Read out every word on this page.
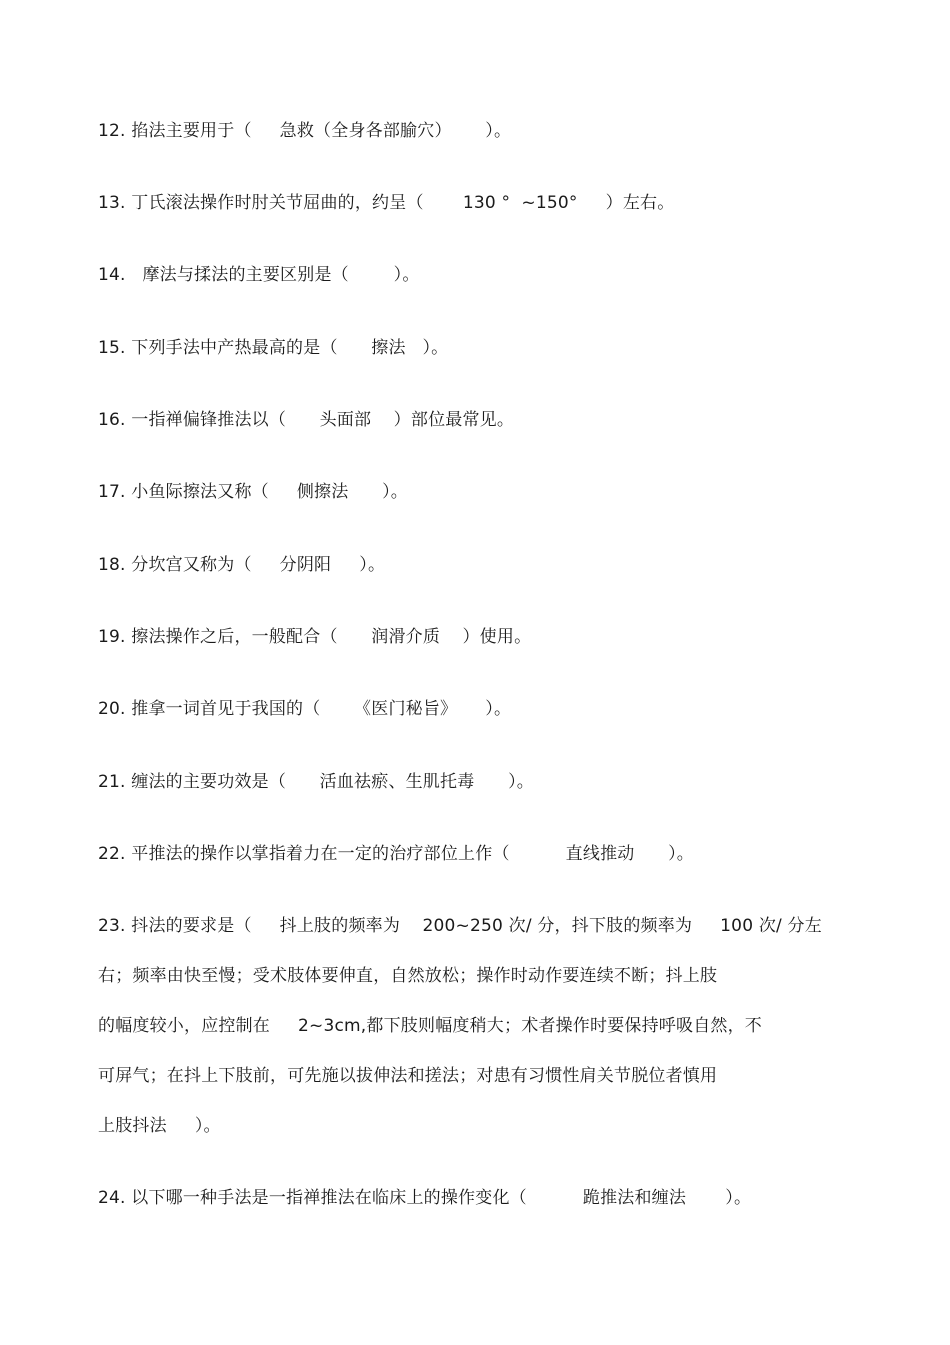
12. 掐法主要用于（     急救（全身各部腧穴）      ）。
13. 丁氏滚法操作时肘关节屈曲的，约呈（       130 °  ~150°     ）左右。
14.   摩法与揉法的主要区别是（        ）。
15. 下列手法中产热最高的是（      擦法   ）。
16. 一指禅偏锋推法以（      头面部    ）部位最常见。
17. 小鱼际擦法又称（     侧擦法      ）。
18. 分坎宫又称为（     分阴阳     ）。
19. 擦法操作之后，一般配合（      润滑介质    ）使用。
20. 推拿一词首见于我国的（      《医门秘旨》     ）。
21. 缠法的主要功效是（      活血祛瘀、生肌托毒      ）。
22. 平推法的操作以掌指着力在一定的治疗部位上作（          直线推动      ）。
23. 抖法的要求是（     抖上肢的频率为    200~250 次/ 分，抖下肢的频率为     100 次/ 分左
右；频率由快至慢；受术肢体要伸直，自然放松；操作时动作要连续不断；抖上肢
的幅度较小，应控制在     2~3cm,都下肢则幅度稍大；术者操作时要保持呼吸自然，不
可屏气；在抖上下肢前，可先施以拔伸法和搓法；对患有习惯性肩关节脱位者慎用
上肢抖法     ）。
24. 以下哪一种手法是一指禅推法在临床上的操作变化（          跪推法和缠法       ）。
